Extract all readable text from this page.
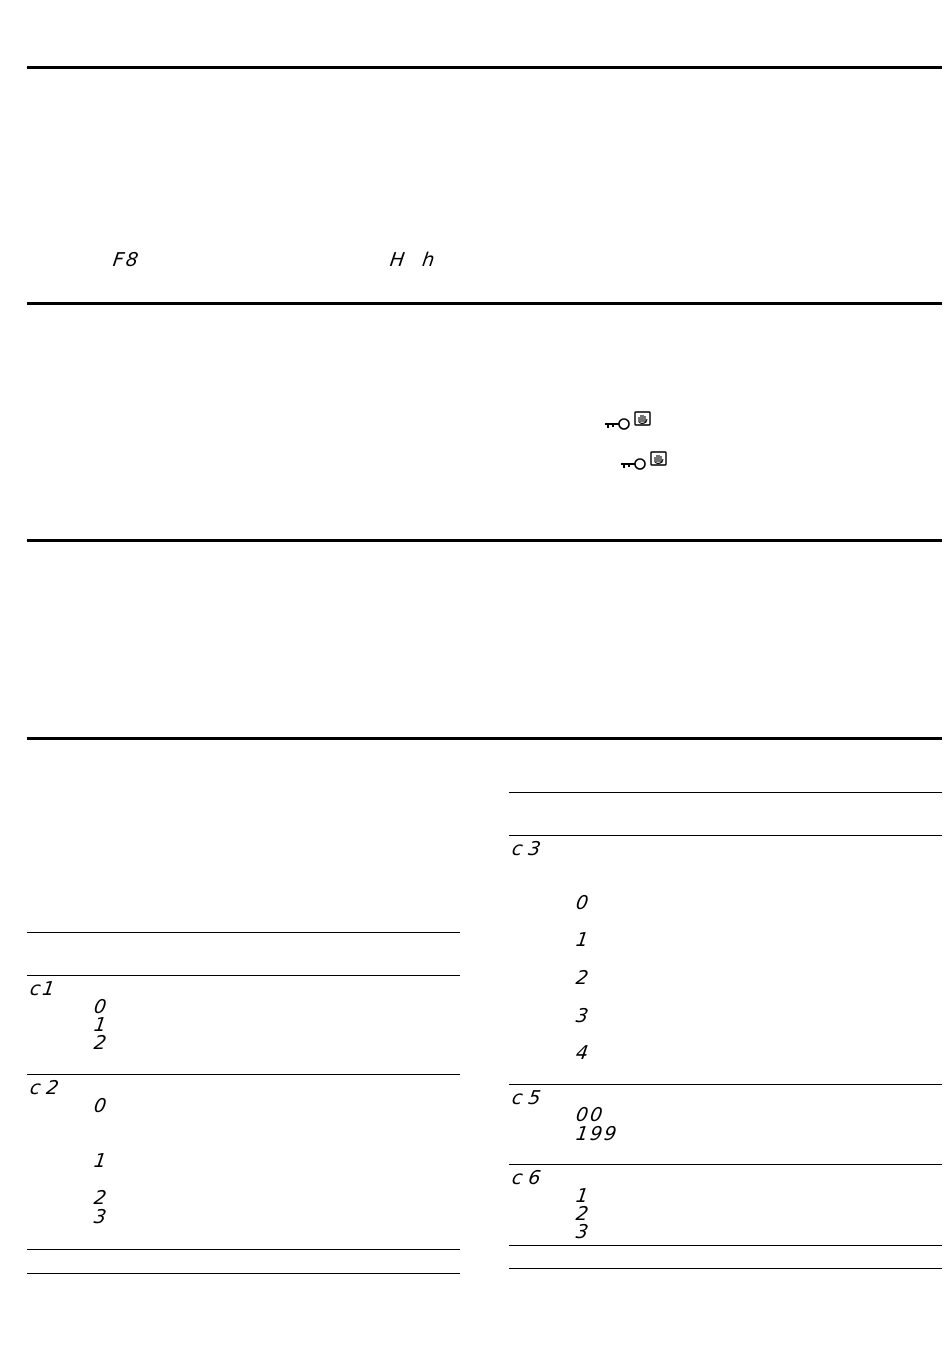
F8	H h
c1
0
1
2
c2
0
1
2
3
c3
0
1
2
3
4
c5
00
199
c6
1
2
3
